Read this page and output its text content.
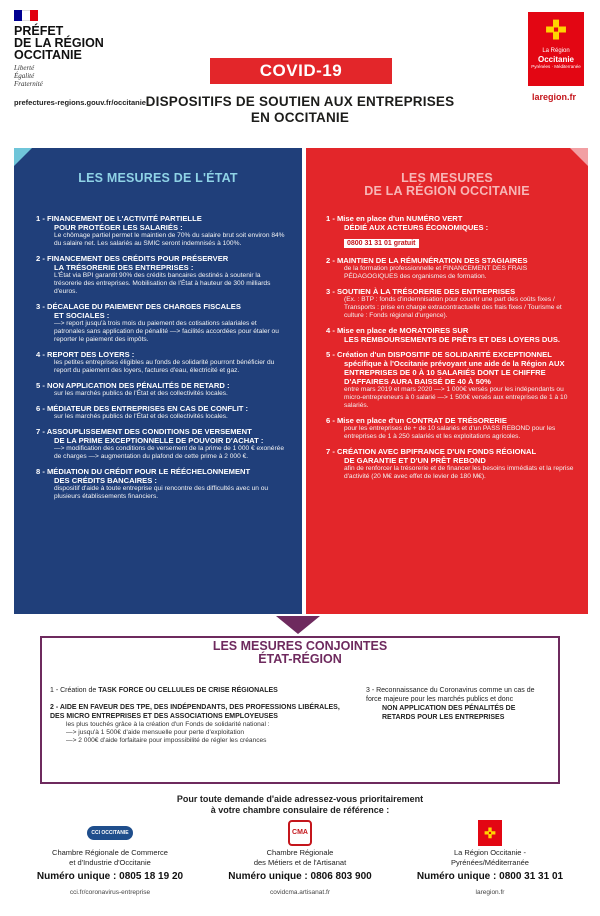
PRÉFET
DE LA RÉGION
OCCITANIE
Liberté
Égalité
Fraternité
prefectures-regions.gouv.fr/occitanie
COVID-19
DISPOSITIFS DE SOUTIEN AUX ENTREPRISES
EN OCCITANIE
✜
La Région
Occitanie
Pyrénées · Méditerranée
laregion.fr
LES MESURES DE L'ÉTAT
1 - FINANCEMENT DE L'ACTIVITÉ PARTIELLE
POUR PROTÉGER LES SALARIÉS :
Le chômage partiel permet le maintien de 70% du salaire brut soit environ 84% du salaire net. Les salariés au SMIC seront indemnisés à 100%.
2 - FINANCEMENT DES CRÉDITS POUR PRÉSERVER
LA TRÉSORERIE DES ENTREPRISES :
L'État via BPI garantit 90% des crédits bancaires destinés à soutenir la trésorerie des entreprises. Mobilisation de l'État à hauteur de 300 milliards d'euros.
3 - DÉCALAGE DU PAIEMENT DES CHARGES FISCALES
ET SOCIALES :
—> report jusqu'à trois mois du paiement des cotisations salariales et patronales sans application de pénalité —> facilités accordées pour étaler ou reporter le paiement des impôts.
4 - REPORT DES LOYERS :
les petites entreprises éligibles au fonds de solidarité pourront bénéficier du report du paiement des loyers, factures d'eau, électricité et gaz.
5 - NON APPLICATION DES PÉNALITÉS DE RETARD :
sur les marchés publics de l'État et des collectivités locales.
6 - MÉDIATEUR DES ENTREPRISES EN CAS DE CONFLIT :
sur les marchés publics de l'État et des collectivités locales.
7 - ASSOUPLISSEMENT DES CONDITIONS DE VERSEMENT
DE LA PRIME EXCEPTIONNELLE DE POUVOIR D'ACHAT :
—> modification des conditions de versement de la prime de 1 000 € exonérée de charges —> augmentation du plafond de cette prime à 2 000 €.
8 - MÉDIATION DU CRÉDIT POUR LE RÉÉCHELONNEMENT
DES CRÉDITS BANCAIRES :
dispositif d'aide à toute entreprise qui rencontre des difficultés avec un ou plusieurs établissements financiers.
LES MESURES
DE LA RÉGION OCCITANIE
1 - Mise en place d'un NUMÉRO VERT
DÉDIÉ AUX ACTEURS ÉCONOMIQUES :
0800 31 31 01 gratuit
2 - MAINTIEN DE LA RÉMUNÉRATION DES STAGIAIRES
de la formation professionnelle et FINANCEMENT DES FRAIS PÉDAGOGIQUES des organismes de formation.
3 - SOUTIEN À LA TRÉSORERIE DES ENTREPRISES
(Ex. : BTP : fonds d'indemnisation pour couvrir une part des coûts fixes / Transports : prise en charge extracontractuelle des frais fixes / Tourisme et culture : Fonds régional d'urgence).
4 - Mise en place de MORATOIRES SUR
LES REMBOURSEMENTS DE PRÊTS ET DES LOYERS DUS.
5 - Création d'un DISPOSITIF DE SOLIDARITÉ EXCEPTIONNEL
spécifique à l'Occitanie prévoyant une aide de la Région AUX ENTREPRISES DE 0 À 10 SALARIÉS DONT LE CHIFFRE D'AFFAIRES AURA BAISSÉ DE 40 À 50%
entre mars 2019 et mars 2020 —> 1 000€ versés pour les indépendants ou micro-entrepreneurs à 0 salarié —> 1 500€ versés aux entreprises de 1 à 10 salariés.
6 - Mise en place d'un CONTRAT DE TRÉSORERIE
pour les entreprises de + de 10 salariés et d'un PASS REBOND pour les entreprises de 1 à 250 salariés et les exploitations agricoles.
7 - CRÉATION AVEC BPIFRANCE D'UN FONDS RÉGIONAL
DE GARANTIE ET D'UN PRÊT REBOND
afin de renforcer la trésorerie et de financer les besoins immédiats et la reprise d'activité (20 M€ avec effet de levier de 180 M€).
LES MESURES CONJOINTES
ÉTAT-RÉGION
1 - Création de TASK FORCE OU CELLULES DE CRISE RÉGIONALES
2 - AIDE EN FAVEUR DES TPE, DES INDÉPENDANTS, DES PROFESSIONS LIBÉRALES, DES MICRO ENTREPRISES ET DES ASSOCIATIONS EMPLOYEUSES
les plus touchés grâce à la création d'un Fonds de solidarité national :
—> jusqu'à 1 500€ d'aide mensuelle pour perte d'exploitation
—> 2 000€ d'aide forfaitaire pour impossibilité de régler les créances
3 - Reconnaissance du Coronavirus comme un cas de force majeure pour les marchés publics et donc
NON APPLICATION DES PÉNALITÉS DE RETARDS POUR LES ENTREPRISES
Pour toute demande d'aide adressez-vous prioritairement
à votre chambre consulaire de référence :
CCI OCCITANIE
Chambre Régionale de Commerce
et d'Industrie d'Occitanie
Numéro unique : 0805 18 19 20
cci.fr/coronavirus-entreprise
CMA
Chambre Régionale
des Métiers et de l'Artisanat
Numéro unique : 0806 803 900
covidcma.artisanat.fr
✜
La Région Occitanie -
Pyrénées/Méditerranée
Numéro unique : 0800 31 31 01
laregion.fr
